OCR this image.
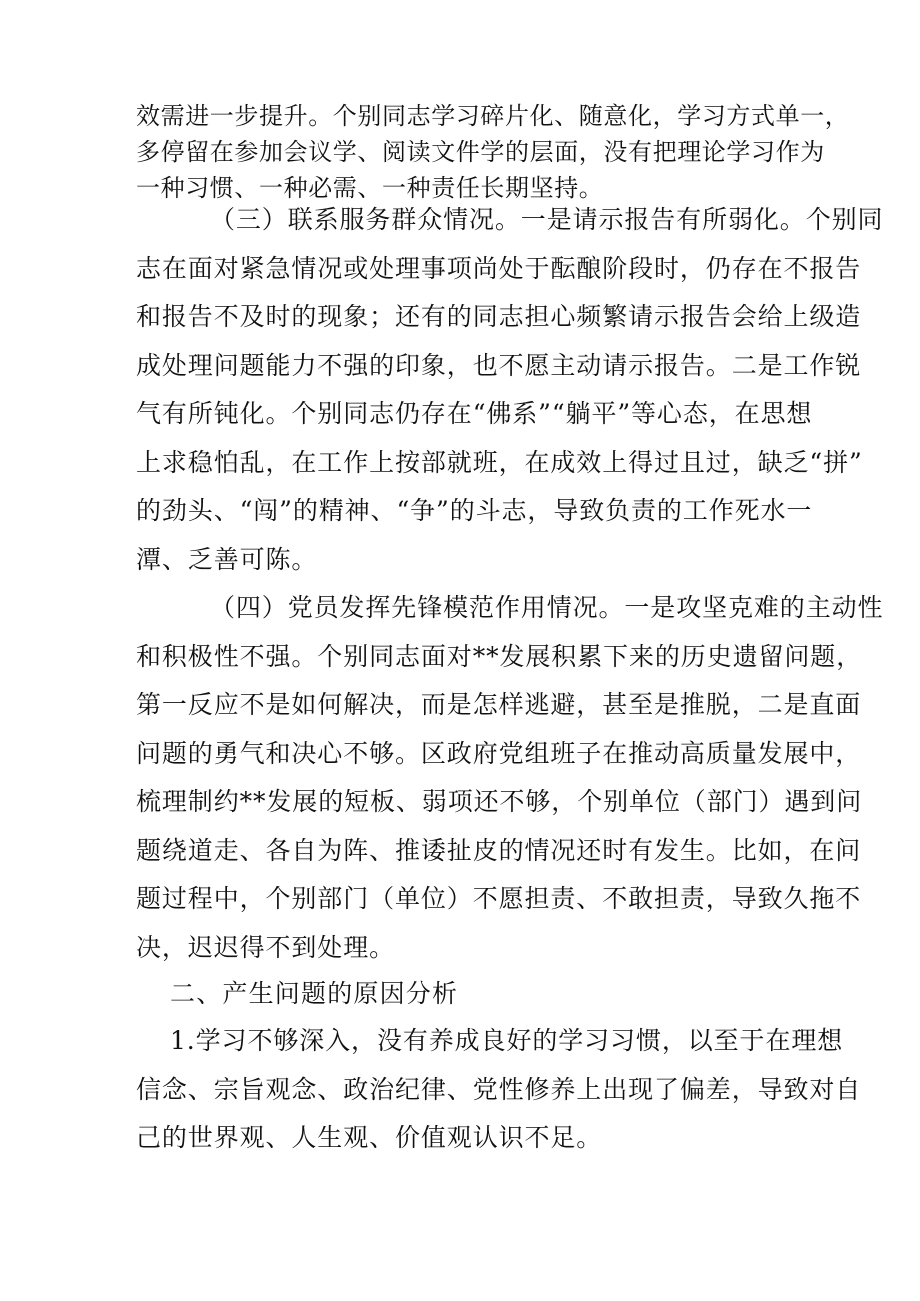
效需进一步提升。个别同志学习碎片化、随意化，学习方式单一，
多停留在参加会议学、阅读文件学的层面，没有把理论学习作为
一种习惯、一种必需、一种责任长期坚持。
（三）联系服务群众情况。一是请示报告有所弱化。个别同
志在面对紧急情况或处理事项尚处于酝酿阶段时，仍存在不报告
和报告不及时的现象；还有的同志担心频繁请示报告会给上级造
成处理问题能力不强的印象，也不愿主动请示报告。二是工作锐
气有所钝化。个别同志仍存在“佛系”“躺平”等心态，在思想
上求稳怕乱，在工作上按部就班，在成效上得过且过，缺乏“拼”
的劲头、“闯”的精神、“争”的斗志，导致负责的工作死水一
潭、乏善可陈。
（四）党员发挥先锋模范作用情况。一是攻坚克难的主动性
和积极性不强。个别同志面对**发展积累下来的历史遗留问题，
第一反应不是如何解决，而是怎样逃避，甚至是推脱，二是直面
问题的勇气和决心不够。区政府党组班子在推动高质量发展中，
梳理制约**发展的短板、弱项还不够，个别单位（部门）遇到问
题绕道走、各自为阵、推诿扯皮的情况还时有发生。比如，在问
题过程中，个别部门（单位）不愿担责、不敢担责，导致久拖不
决，迟迟得不到处理。
二、产生问题的原因分析
1.学习不够深入，没有养成良好的学习习惯，以至于在理想
信念、宗旨观念、政治纪律、党性修养上出现了偏差，导致对自
己的世界观、人生观、价值观认识不足。
